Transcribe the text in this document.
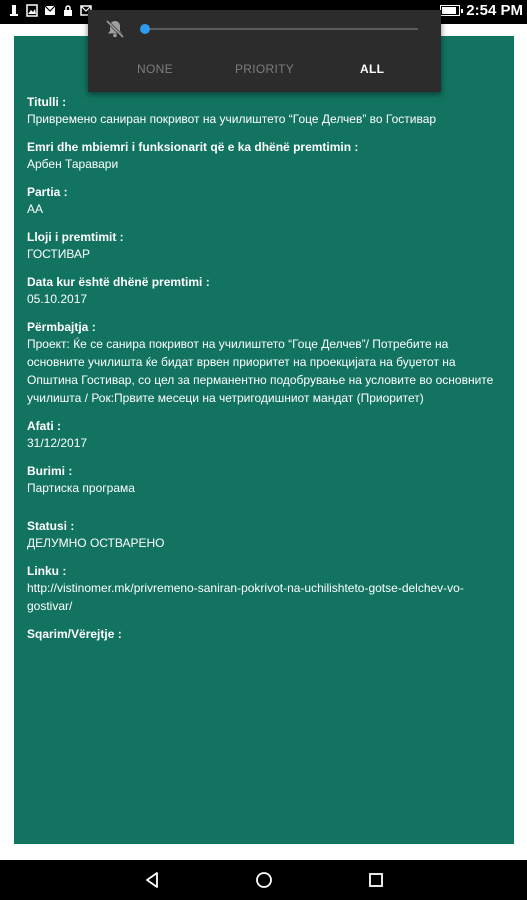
2:54 PM
Titulli :
Привремено саниран покривот на училиштето “Гоце Делчев” во Гостивар
Emri dhe mbiemri i funksionarit që e ka dhënë premtimin :
Арбен Таравари
Partia :
АА
Lloji i premtimit :
ГОСТИВАР
Data kur është dhënë premtimi :
05.10.2017
Përmbajtja :
Проект: Ќе се санира покривот на училиштето “Гоце Делчев”/ Потребите на основните училишта ќе бидат врвен приоритет на проекцијата на буџетот на Општина Гостивар, со цел за перманентно подобрување на условите во основните училишта / Рок:Првите месеци на четригодишниот мандат (Приоритет)
Afati :
31/12/2017
Burimi :
Партиска програма
Statusi :
ДЕЛУМНО ОСТВАРЕНО
Linku :
http://vistinomer.mk/privremeno-saniran-pokrivot-na-uchilishteto-gotse-delchev-vo-gostivar/
Sqarim/Vërejtje :
NONE	PRIORITY	ALL
